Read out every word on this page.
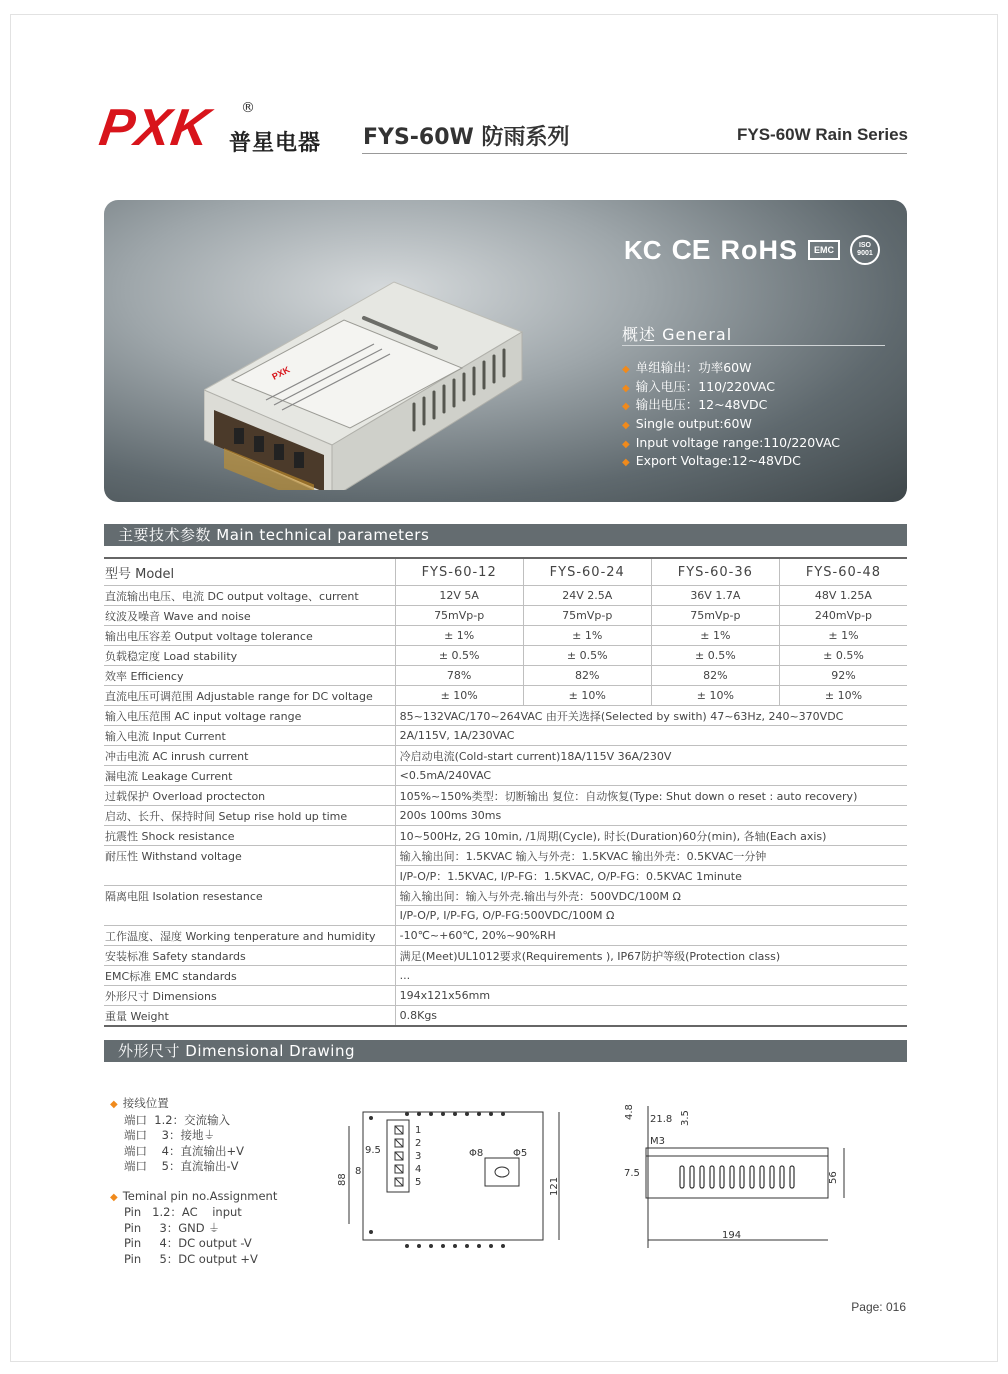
PXK ®
普星电器 FYS-60W 防雨系列	FYS-60W Rain Series
PXK
KC CE RoHS	EMC	ISO 9001
概述 General
◆ 单组输出：功率60W
◆ 输入电压：110/220VAC
◆ 输出电压：12~48VDC
◆ Single output:60W
◆ Input voltage range:110/220VAC
◆ Export Voltage:12~48VDC
主要技术参数 Main technical parameters
型号 Model	FYS-60-12	FYS-60-24	FYS-60-36	FYS-60-48
直流输出电压、电流 DC output voltage、current	12V 5A	24V 2.5A	36V 1.7A	48V 1.25A
纹波及噪音 Wave and noise	75mVp-p	75mVp-p	75mVp-p	240mVp-p
输出电压容差 Output voltage tolerance	± 1%	± 1%	± 1%	± 1%
负载稳定度 Load stability	± 0.5%	± 0.5%	± 0.5%	± 0.5%
效率 Efficiency	78%	82%	82%	92%
直流电压可调范围 Adjustable range for DC voltage	± 10%	± 10%	± 10%	± 10%
输入电压范围 AC input voltage range	85~132VAC/170~264VAC 由开关选择(Selected by swith) 47~63Hz, 240~370VDC			
输入电流 Input Current	2A/115V, 1A/230VAC			
冲击电流 AC inrush current	冷启动电流(Cold-start current)18A/115V 36A/230V			
漏电流 Leakage Current	<0.5mA/240VAC			
过载保护 Overload proctecton	105%~150%类型：切断输出 复位：自动恢复(Type: Shut down o reset : auto recovery)			
启动、长升、保持时间 Setup rise hold up time	200s 100ms 30ms			
抗震性 Shock resistance	10~500Hz, 2G 10min, /1周期(Cycle), 时长(Duration)60分(min), 各轴(Each axis)			
耐压性 Withstand voltage	输入输出间：1.5KVAC 输入与外壳：1.5KVAC 输出外壳：0.5KVAC一分钟			
	I/P-O/P：1.5KVAC, I/P-FG：1.5KVAC, O/P-FG：0.5KVAC 1minute			
隔离电阻 Isolation resestance	输入输出间：输入与外壳.输出与外壳：500VDC/100M Ω			
	I/P-O/P, I/P-FG, O/P-FG:500VDC/100M Ω			
工作温度、湿度 Working tenperature and humidity	-10℃~+60℃, 20%~90%RH			
安装标准 Safety standards	满足(Meet)UL1012要求(Requirements ), IP67防护等级(Protection class)			
EMC标准 EMC standards	...			
外形尺寸 Dimensions	194x121x56mm			
重量 Weight	0.8Kgs			
外形尺寸 Dimensional Drawing
◆ 接线位置
端口  1.2：交流输入
端口    3：接地⏚
端口    4：直流输出+V
端口    5：直流输出-V
◆ Teminal pin no.Assignment
Pin   1.2：AC    input
Pin     3：GND ⏚
Pin     4：DC output -V
Pin     5：DC output +V
1
2
3
4
5
9.5
8
88	121
Φ8	Φ5
4.8 21.8 3.5
M3
7.5	56
194
Page: 016
